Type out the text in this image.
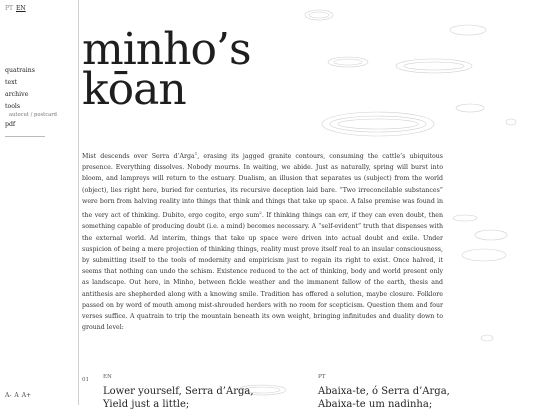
PT EN
quatrains
text
archive
tools
autocut / postcard
pdf
A- A A+
minho’s
kōan

Mist descends over Serra d’Arga$^1$, erasing its jagged granite contours, consuming the cattle’s ubiquitous presence. Everything dissolves. Nobody mourns. In waiting, we abide. Just as naturally, spring will burst into bloom, and lampreys will return to the estuary. Dualism, an illusion that separates us (subject) from the world (object), lies right here, buried for centuries, its recursive deception laid bare. “Two irreconcilable substances” were born from halving reality into things that think and things that take up space. A false premise was found in the very act of thinking. Dubito, ergo cogito, ergo sum$^2$. If thinking things can err, if they can even doubt, then something capable of producing doubt (i.e. a mind) becomes necessary. A “self-evident” truth that dispenses with the external world. Ad interim, things that take up space were driven into actual doubt and exile. Under suspicion of being a mere projection of thinking things, reality must prove itself real to an insular consciousness, by submitting itself to the tools of modernity and empiricism just to regain its right to exist. Once halved, it seems that nothing can undo the schism. Existence reduced to the act of thinking, body and world present only as landscape. Out here, in Minho, between fickle weather and the immanent fallow of the earth, thesis and antithesis are shepherded along with a knowing smile. Tradition has offered a solution, maybe closure. Folklore passed on by word of mouth among mist-shrouded herders with no room for scepticism. Question them and four verses suffice. A quatrain to trip the mountain beneath its own weight, bringing infinitudes and duality down to ground level:

01	EN	PT
Lower yourself, Serra d’Arga,
Yield just a little;
Abaixa-te, ó Serra d’Arga,
Abaixa-te um nadinha;
